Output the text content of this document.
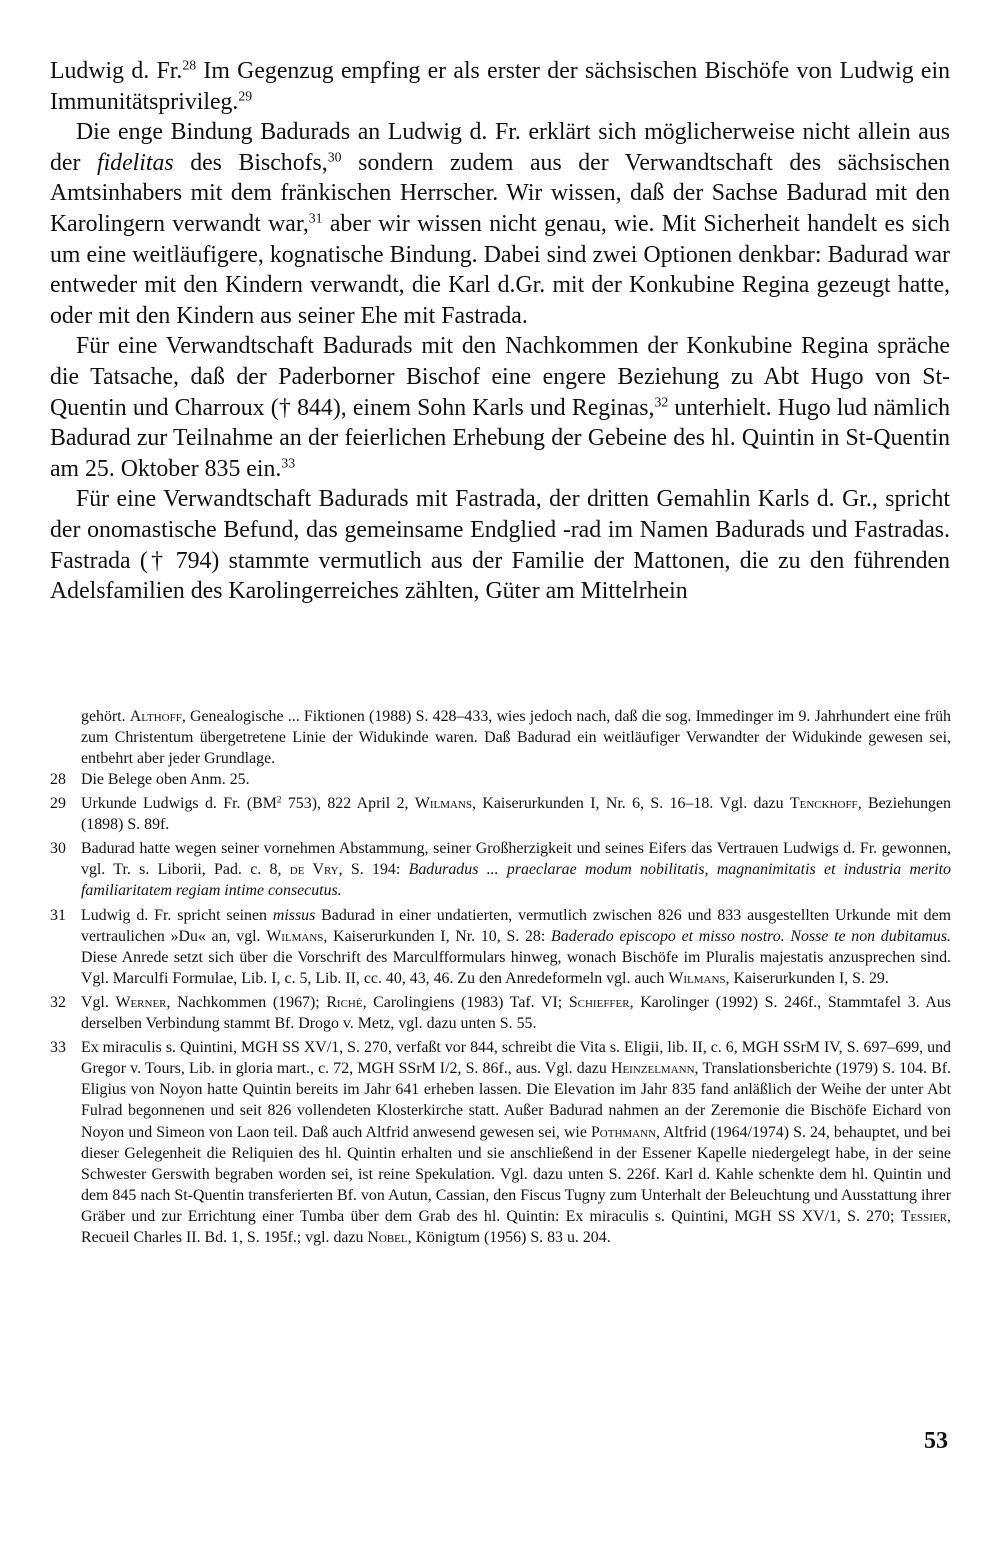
Ludwig d. Fr.$^{28}$ Im Gegenzug empfing er als erster der sächsischen Bischöfe von Ludwig ein Immunitätsprivileg.$^{29}$

Die enge Bindung Badurads an Ludwig d. Fr. erklärt sich möglicherweise nicht allein aus der fidelitas des Bischofs,$^{30}$ sondern zudem aus der Verwandtschaft des sächsischen Amtsinhabers mit dem fränkischen Herrscher. Wir wissen, daß der Sachse Badurad mit den Karolingern verwandt war,$^{31}$ aber wir wissen nicht genau, wie. Mit Sicherheit handelt es sich um eine weitläufigere, kognatische Bindung. Dabei sind zwei Optionen denkbar: Badurad war entweder mit den Kindern verwandt, die Karl d.Gr. mit der Konkubine Regina gezeugt hatte, oder mit den Kindern aus seiner Ehe mit Fastrada.

Für eine Verwandtschaft Badurads mit den Nachkommen der Konkubine Regina spräche die Tatsache, daß der Paderborner Bischof eine engere Beziehung zu Abt Hugo von St-Quentin und Charroux († 844), einem Sohn Karls und Reginas,$^{32}$ unterhielt. Hugo lud nämlich Badurad zur Teilnahme an der feierlichen Erhebung der Gebeine des hl. Quintin in St-Quentin am 25. Oktober 835 ein.$^{33}$

Für eine Verwandtschaft Badurads mit Fastrada, der dritten Gemahlin Karls d. Gr., spricht der onomastische Befund, das gemeinsame Endglied -rad im Namen Badurads und Fastradas. Fastrada († 794) stammte vermutlich aus der Familie der Mattonen, die zu den führenden Adelsfamilien des Karolingerreiches zählten, Güter am Mittelrhein

gehört. Althoff, Genealogische ... Fiktionen (1988) S. 428–433, wies jedoch nach, daß die sog. Immedinger im 9. Jahrhundert eine früh zum Christentum übergetretene Linie der Widukinde waren. Daß Badurad ein weitläufiger Verwandter der Widukinde gewesen sei, entbehrt aber jeder Grundlage.

28 Die Belege oben Anm. 25.
29 Urkunde Ludwigs d. Fr. ($BM^2$ 753), 822 April 2, Wilmans, Kaiserurkunden I, Nr. 6, S. 16–18. Vgl. dazu Tenckhoff, Beziehungen (1898) S. 89f.
30 Badurad hatte wegen seiner vornehmen Abstammung, seiner Großherzigkeit und seines Eifers das Vertrauen Ludwigs d. Fr. gewonnen, vgl. Tr. s. Liborii, Pad. c. 8, de Vry, S. 194: Baduradus ... praeclarae modum nobilitatis, magnanimitatis et industria merito familiaritatem regiam intime consecutus.
31 Ludwig d. Fr. spricht seinen missus Badurad in einer undatierten, vermutlich zwischen 826 und 833 ausgestellten Urkunde mit dem vertraulichen »Du« an, vgl. Wilmans, Kaiserurkunden I, Nr. 10, S. 28: Baderado episcopo et misso nostro. Nosse te non dubitamus. Diese Anrede setzt sich über die Vorschrift des Marculfformulars hinweg, wonach Bischöfe im Pluralis majestatis anzusprechen sind. Vgl. Marculfi Formulae, Lib. I, c. 5, Lib. II, cc. 40, 43, 46. Zu den Anredeformeln vgl. auch Wilmans, Kaiserurkunden I, S. 29.
32 Vgl. Werner, Nachkommen (1967); Riché, Carolingiens (1983) Taf. VI; Schieffer, Karolinger (1992) S. 246f., Stammtafel 3. Aus derselben Verbindung stammt Bf. Drogo v. Metz, vgl. dazu unten S. 55.
33 Ex miraculis s. Quintini, MGH SS XV/1, S. 270, verfaßt vor 844, schreibt die Vita s. Eligii, lib. II, c. 6, MGH SSrM IV, S. 697–699, und Gregor v. Tours, Lib. in gloria mart., c. 72, MGH SSrM I/2, S. 86f., aus. Vgl. dazu Heinzelmann, Translationsberichte (1979) S. 104. Bf. Eligius von Noyon hatte Quintin bereits im Jahr 641 erheben lassen. Die Elevation im Jahr 835 fand anläßlich der Weihe der unter Abt Fulrad begonnenen und seit 826 vollendeten Klosterkirche statt. Außer Badurad nahmen an der Zeremonie die Bischöfe Eichard von Noyon und Simeon von Laon teil. Daß auch Altfrid anwesend gewesen sei, wie Pothmann, Altfrid (1964/1974) S. 24, behauptet, und bei dieser Gelegenheit die Reliquien des hl. Quintin erhalten und sie anschließend in der Essener Kapelle niedergelegt habe, in der seine Schwester Gerswith begraben worden sei, ist reine Spekulation. Vgl. dazu unten S. 226f. Karl d. Kahle schenkte dem hl. Quintin und dem 845 nach St-Quentin transferierten Bf. von Autun, Cassian, den Fiscus Tugny zum Unterhalt der Beleuchtung und Ausstattung ihrer Gräber und zur Errichtung einer Tumba über dem Grab des hl. Quintin: Ex miraculis s. Quintini, MGH SS XV/1, S. 270; Tessier, Recueil Charles II. Bd. 1, S. 195f.; vgl. dazu Nobel, Königtum (1956) S. 83 u. 204.
53
